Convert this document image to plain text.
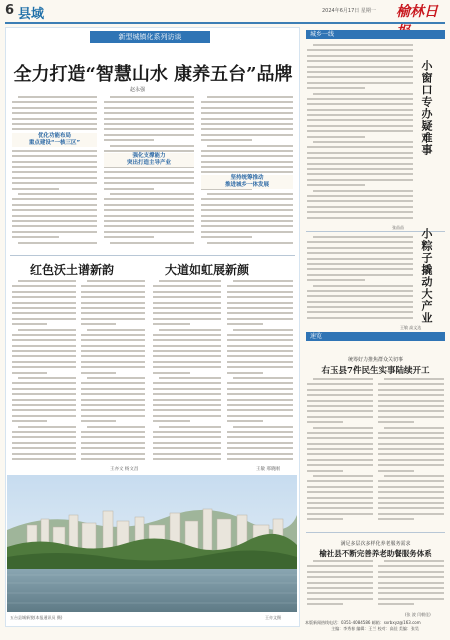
6 县域	2024年6月17日 星期一 榆林日
新型城镇化系列访谈
全力打造“智慧山水 康养五台”品牌
赵永强
优化功能布局
重点建设“一核三区”
强化支撑能力
突出打造主导产业
坚持统筹推动
推进城乡一体发展
红色沃土谱新韵	大道如虹展新颜
王亦文 杨文昌	王敏 邢晓刚
五台县城新貌(本报通讯员 摄)	王亦文摄
城乡一线
小窗口专办疑难事
张苗苗
小粽子撬动大产业
王敏 高文达
速览
统筹好力推焦群众关切事
右玉县7件民生实事陆续开工
满足多层次多样化养老服务需求
榆社县不断完善养老助餐服务体系
(张 波 闫朝佳)
本版新闻热线电话：0351-4084586 邮箱：sxrbxyz@163.com
主编：李秀春 编辑：王兰 校对：高佳 美编：张昊
